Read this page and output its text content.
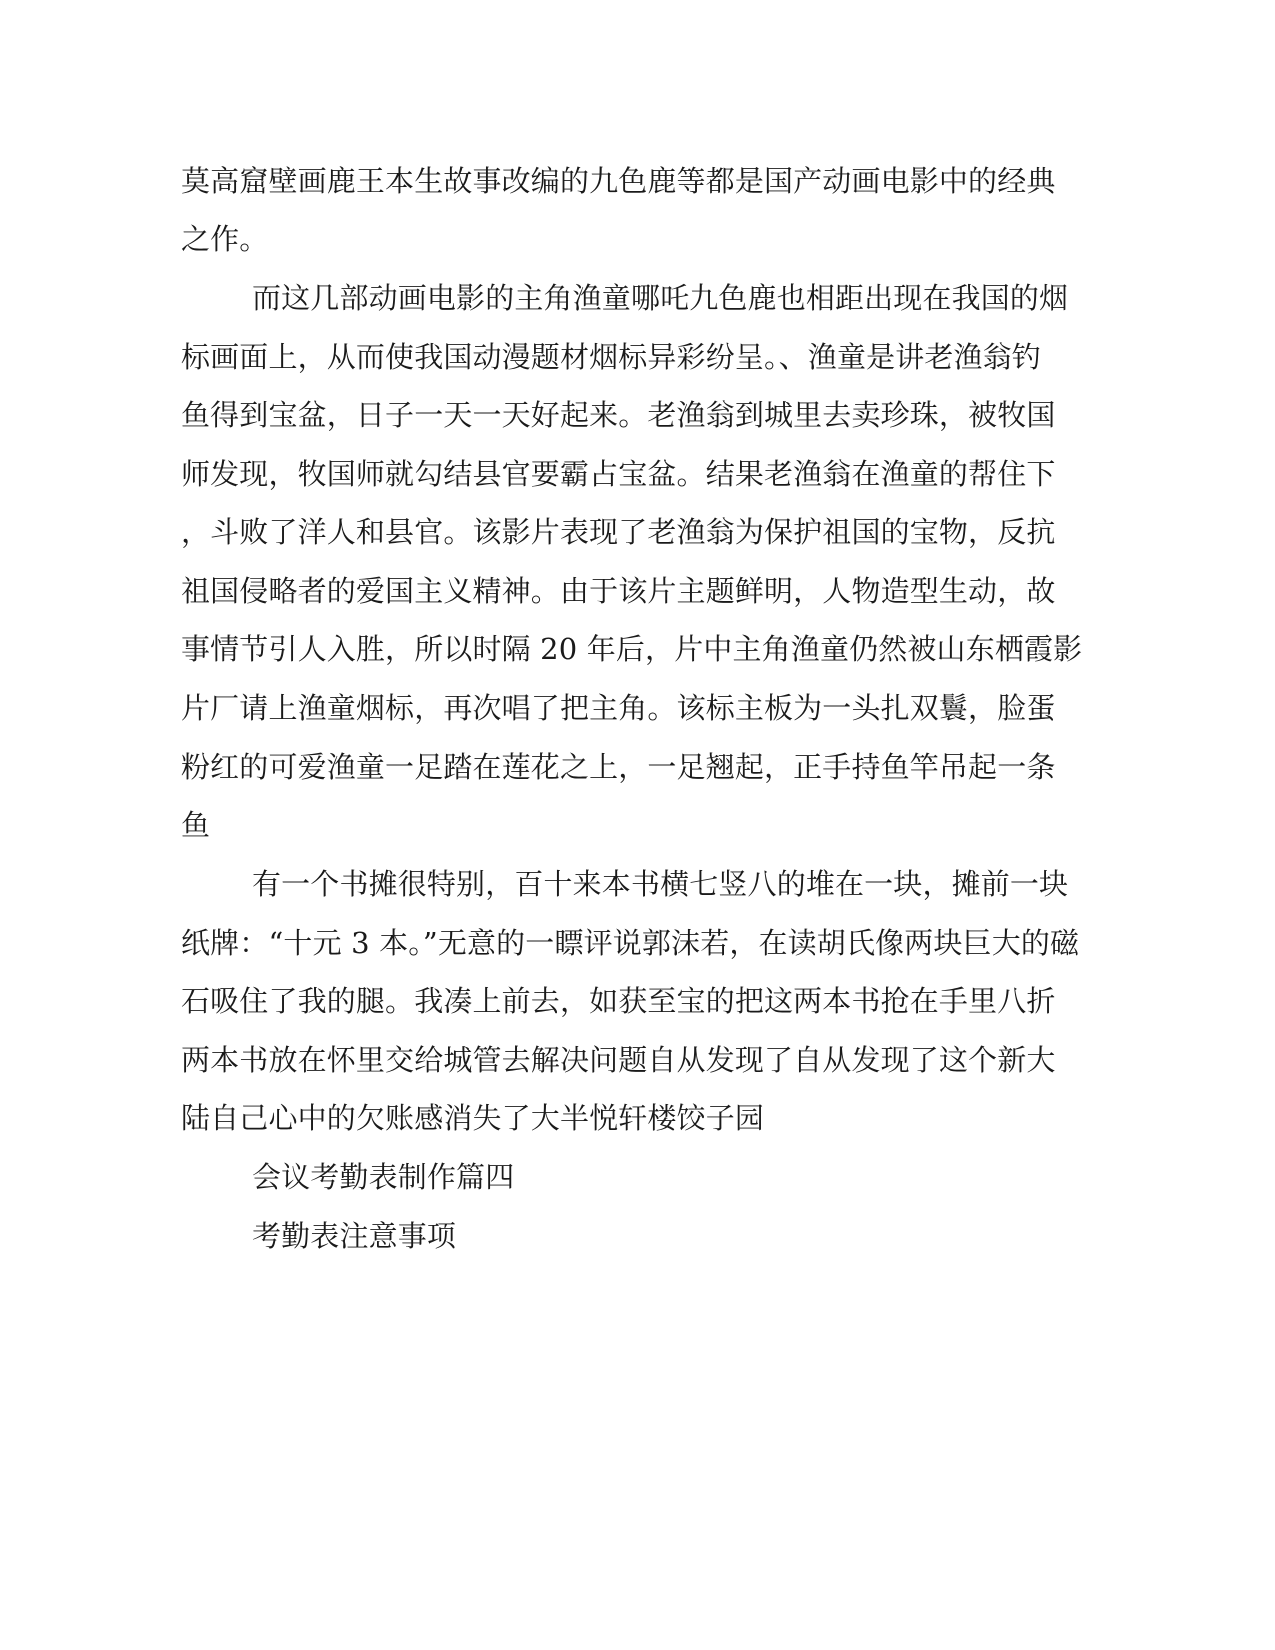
莫高窟壁画鹿王本生故事改编的九色鹿等都是国产动画电影中的经典
之作。
而这几部动画电影的主角渔童哪吒九色鹿也相距出现在我国的烟
标画面上，从而使我国动漫题材烟标异彩纷呈。、渔童是讲老渔翁钓
鱼得到宝盆，日子一天一天好起来。老渔翁到城里去卖珍珠，被牧国
师发现，牧国师就勾结县官要霸占宝盆。结果老渔翁在渔童的帮住下
，斗败了洋人和县官。该影片表现了老渔翁为保护祖国的宝物，反抗
祖国侵略者的爱国主义精神。由于该片主题鲜明，人物造型生动，故
事情节引人入胜，所以时隔 20 年后，片中主角渔童仍然被山东栖霞影
片厂请上渔童烟标，再次唱了把主角。该标主板为一头扎双鬟，脸蛋
粉红的可爱渔童一足踏在莲花之上，一足翘起，正手持鱼竿吊起一条
鱼
有一个书摊很特别，百十来本书横七竖八的堆在一块，摊前一块
纸牌：“十元 3 本。”无意的一瞟评说郭沫若，在读胡氏像两块巨大的磁
石吸住了我的腿。我凑上前去，如获至宝的把这两本书抢在手里八折
两本书放在怀里交给城管去解决问题自从发现了自从发现了这个新大
陆自己心中的欠账感消失了大半悦轩楼饺子园
会议考勤表制作篇四
考勤表注意事项
